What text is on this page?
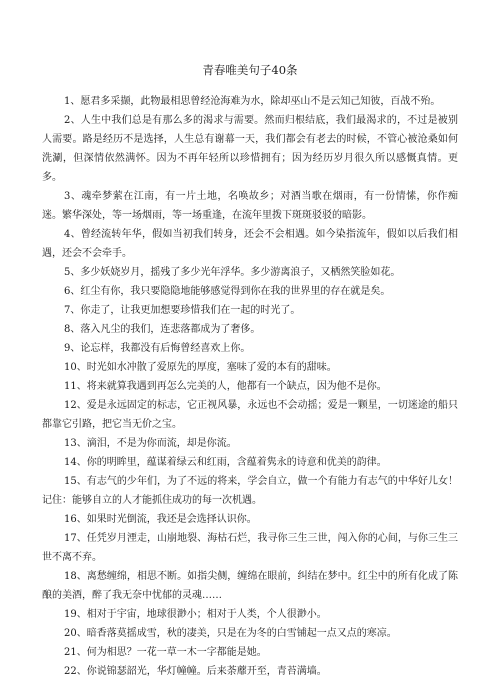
青春唯美句子40条

1、愿君多采撷，此物最相思曾经沧海难为水，除却巫山不是云知己知彼，百战不殆。

2、人生中我们总是有那么多的渴求与需要。然而归根结底，我们最渴求的，不过是被别人需要。路是经历不是选择，人生总有谢幕一天，我们都会有老去的时候，不管心被沧桑如何洗涮，但深情依然满怀。因为不再年轻所以珍惜拥有；因为经历岁月很久所以感慨真情。更多。

3、魂牵梦萦在江南，有一片土地，名唤故乡；对酒当歌在烟雨，有一份情愫，你作痴迷。繁华深处，等一场烟雨，等一场重逢，在流年里拨下斑斑驳驳的暗影。

4、曾经流转年华，假如当初我们转身，还会不会相遇。如今染指流年，假如以后我们相遇，还会不会牵手。

5、多少妖娆岁月，摇残了多少光年浮华。多少游离浪子，又栖然笑脸如花。

6、红尘有你，我只要隐隐地能够感觉得到你在我的世界里的存在就是矣。

7、你走了，让我更加想要珍惜我们在一起的时光了。

8、落入凡尘的我们，连悲落都成为了奢侈。

9、论忘样，我都没有后悔曾经喜欢上你。

10、时光如水冲散了爱原先的厚度，塞味了爱的本有的甜味。

11、将来就算我遇到再怎么完美的人，他都有一个缺点，因为他不是你。

12、爱是永远固定的标志，它正视风暴，永远也不会动摇；爱是一颗星，一切迷途的船只都靠它引路，把它当无价之宝。

13、滴泪，不是为你而流，却是你流。

14、你的明眸里，蕴谋着绿云和红雨，含蕴着隽永的诗意和优美的韵律。

15、有志气的少年们，为了不远的将来，学会自立，做一个有能力有志气的中华好儿女！记住：能够自立的人才能抓住成功的每一次机遇。

16、如果时光倒流，我还是会选择认识你。

17、任凭岁月湮走，山崩地裂、海枯石烂，我寻你三生三世，闯入你的心间，与你三生三世不离不弃。

18、离愁缠绵，相思不断。如指尖侧，缠绵在眼前，纠结在梦中。红尘中的所有化成了陈酿的美酒，醉了我无奈中忧郁的灵魂……

19、相对于宇宙，地球很渺小；相对于人类，个人很渺小。

20、暗香落莫摇成雪，秋的凄美，只是在为冬的白雪铺起一点又点的寒凉。

21、何为相思？一花一草一木一字都能是她。

22、你说锦瑟韶光，华灯幢幢。后来荼蘼开至，青苔满墙。
